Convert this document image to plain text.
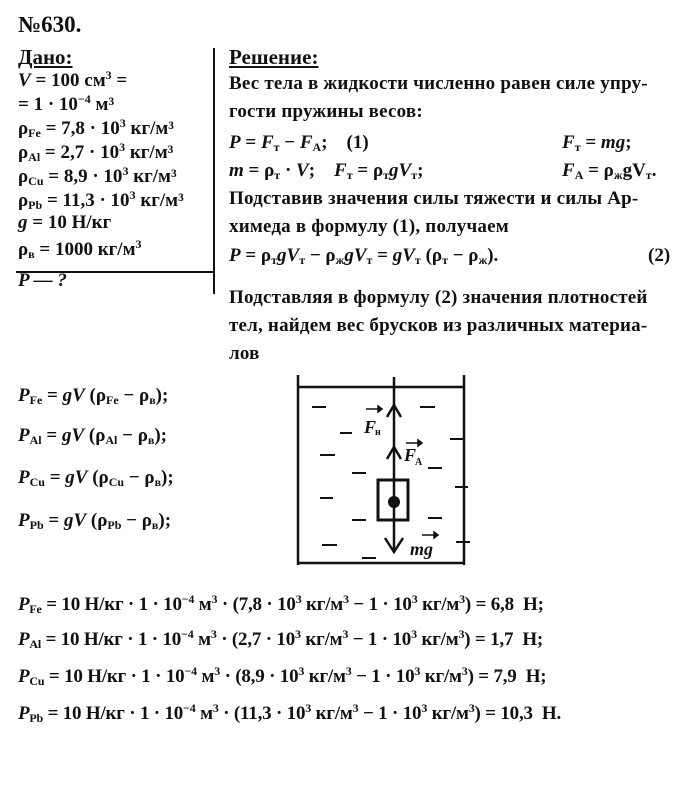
№630.
Дано:
V = 100 $см^3$ =
= $1 \cdot 10^{-4}$ м³
$\rho_{Fe} = 7,8 \cdot 10^3$ кг/м³
$\rho_{Al} = 2,7 \cdot 10^3$ кг/м³
$\rho_{Cu} = 8,9 \cdot 10^3$ кг/м³
$\rho_{Pb} = 11,3 \cdot 10^3$ кг/м³
g = 10 Н/кг
$\rho_в = 1000$ $кг/м^3$
P — ?
Решение:
Вес тела в жидкости численно равен силе упру-
гости пружины весов:
$P = F_т - F_А$;    (1)	$F_т$ = mg;
$m = \rho_т \cdot V$;    $F_т = \rho_тgV_т$;	$F_А = \rho_жgV_т$.
Подставив значения силы тяжести и силы Ар-
химеда в формулу (1), получаем
$P = \rho_тgV_т - \rho_жgV_т = gV_т$ $(\rho_т - \rho_ж)$.	(2)
Подставляя в формулу (2) значения плотностей
тел, найдем вес брусков из различных материа-
лов
$P_{Fe}$ = gV $(\rho_{Fe} - \rho_в)$;
$P_{Al}$ = gV $(\rho_{Al} - \rho_в)$;
$P_{Cu}$ = gV $(\rho_{Cu} - \rho_в)$;
$P_{Pb}$ = gV $(\rho_{Pb} - \rho_в)$;
F
н
F
А
mg
$P_{Fe} = 10$ $Н/кг \cdot 1 \cdot 10^{-4}$ $м^3 \cdot (7,8 \cdot 10^3$ $кг/м^3 - 1 \cdot 10^3$ $кг/м^3) = 6,8$  Н;
$P_{Al} = 10$ $Н/кг \cdot 1 \cdot 10^{-4}$ $м^3 \cdot (2,7 \cdot 10^3$ $кг/м^3 - 1 \cdot 10^3$ $кг/м^3) = 1,7$  Н;
$P_{Cu} = 10$ $Н/кг \cdot 1 \cdot 10^{-4}$ $м^3 \cdot (8,9 \cdot 10^3$ $кг/м^3 - 1 \cdot 10^3$ $кг/м^3) = 7,9$  Н;
$P_{Pb} = 10$ $Н/кг \cdot 1 \cdot 10^{-4}$ $м^3 \cdot (11,3 \cdot 10^3$ $кг/м^3 - 1 \cdot 10^3$ $кг/м^3) = 10,3$  Н.
